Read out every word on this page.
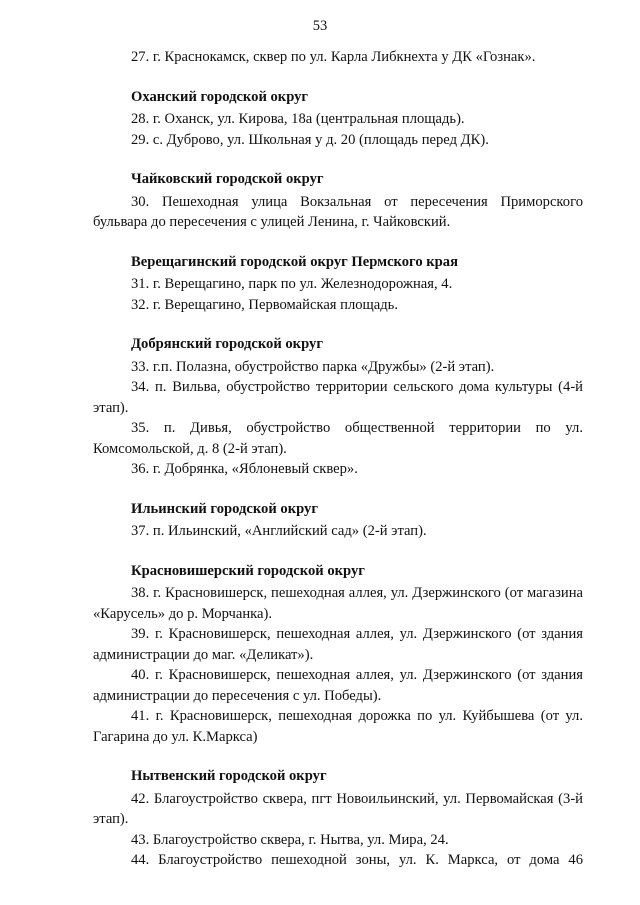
53

27. г. Краснокамск, сквер по ул. Карла Либкнехта у ДК «Гознак».

Оханский городской округ

28. г. Оханск, ул. Кирова, 18а (центральная площадь).

29. с. Дуброво, ул. Школьная у д. 20 (площадь перед ДК).

Чайковский городской округ

30. Пешеходная улица Вокзальная от пересечения Приморского бульвара до пересечения с улицей Ленина, г. Чайковский.

Верещагинский городской округ Пермского края

31. г. Верещагино, парк по ул. Железнодорожная, 4.

32. г. Верещагино, Первомайская площадь.

Добрянский городской округ

33. г.п. Полазна, обустройство парка «Дружбы» (2-й этап).

34. п. Вильва, обустройство территории сельского дома культуры (4-й этап).

35. п. Дивья, обустройство общественной территории по ул. Комсомольской, д. 8 (2-й этап).

36. г. Добрянка, «Яблоневый сквер».

Ильинский городской округ

37. п. Ильинский, «Английский сад» (2-й этап).

Красновишерский городской округ

38. г. Красновишерск, пешеходная аллея, ул. Дзержинского (от магазина «Карусель» до р. Морчанка).

39. г. Красновишерск, пешеходная аллея, ул. Дзержинского (от здания администрации до маг. «Деликат»).

40. г. Красновишерск, пешеходная аллея, ул. Дзержинского (от здания администрации до пересечения с ул. Победы).

41. г. Красновишерск, пешеходная дорожка по ул. Куйбышева (от ул. Гагарина до ул. К.Маркса)

Нытвенский городской округ

42. Благоустройство сквера, пгт Новоильинский, ул. Первомайская (3-й этап).

43. Благоустройство сквера, г. Нытва, ул. Мира, 24.

44. Благоустройство пешеходной зоны, ул. К. Маркса, от дома 46
